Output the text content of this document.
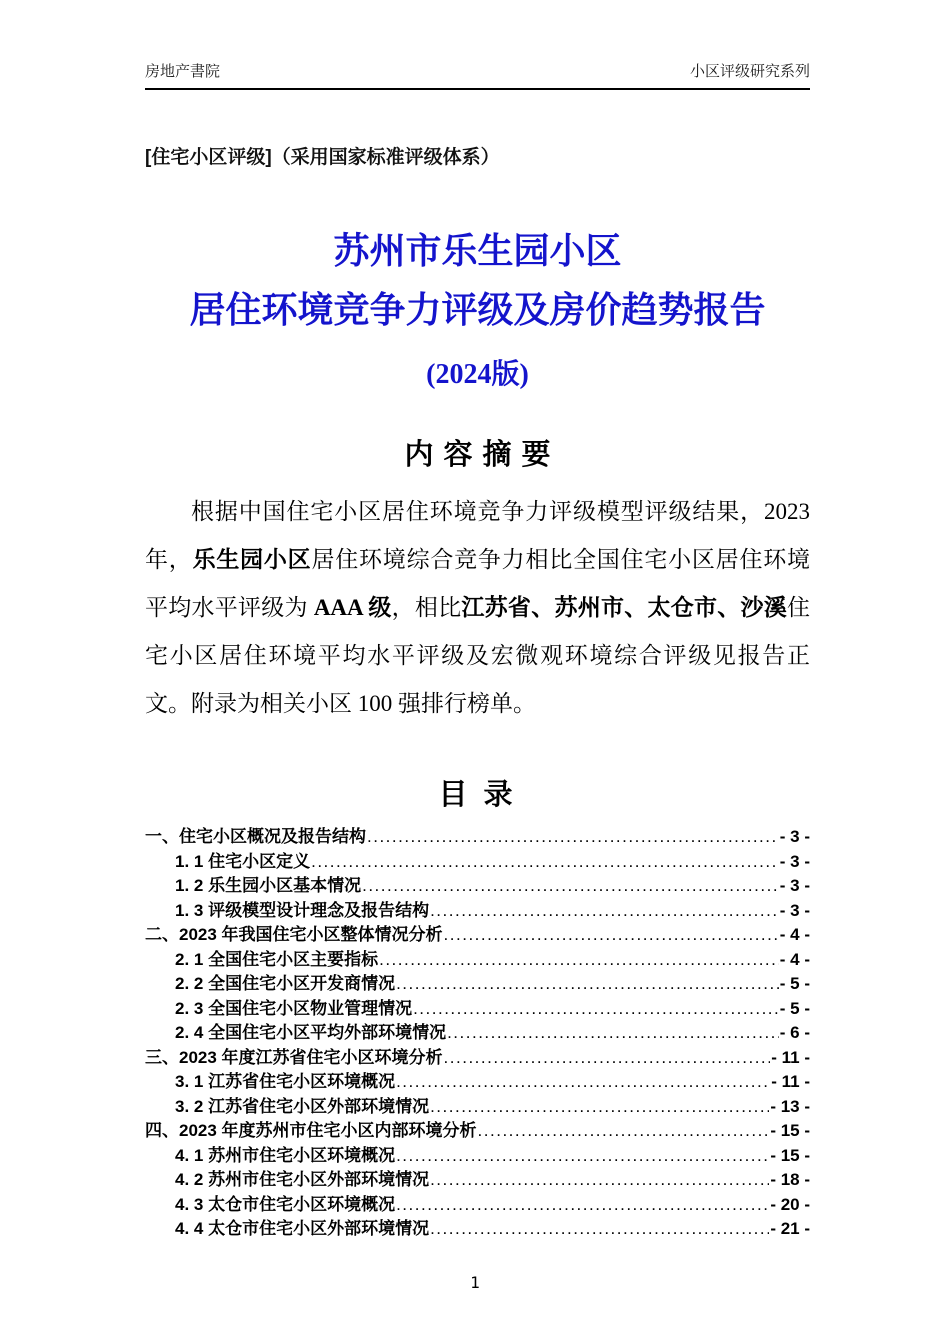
房地产書院	小区评级研究系列
[住宅小区评级]（采用国家标准评级体系）
苏州市乐生园小区
居住环境竞争力评级及房价趋势报告
(2024版)
内容摘要

根据中国住宅小区居住环境竞争力评级模型评级结果，2023 年，乐生园小区居住环境综合竞争力相比全国住宅小区居住环境平均水平评级为 AAA 级，相比江苏省、苏州市、太仓市、沙溪住宅小区居住环境平均水平评级及宏微观环境综合评级见报告正文。附录为相关小区 100 强排行榜单。

目 录
一、住宅小区概况及报告结构 .....	- 3 -
1. 1 住宅小区定义 .....	- 3 -
1. 2 乐生园小区基本情况 .....	- 3 -
1. 3 评级模型设计理念及报告结构 .....	- 3 -
二、2023 年我国住宅小区整体情况分析 .....	- 4 -
2. 1 全国住宅小区主要指标 .....	- 4 -
2. 2 全国住宅小区开发商情况 .....	- 5 -
2. 3 全国住宅小区物业管理情况 .....	- 5 -
2. 4 全国住宅小区平均外部环境情况 .....	- 6 -
三、2023 年度江苏省住宅小区环境分析 .....	- 11 -
3. 1 江苏省住宅小区环境概况 .....	- 11 -
3. 2 江苏省住宅小区外部环境情况 .....	- 13 -
四、2023 年度苏州市住宅小区内部环境分析 .....	- 15 -
4. 1 苏州市住宅小区环境概况 .....	- 15 -
4. 2 苏州市住宅小区外部环境情况 .....	- 18 -
4. 3 太仓市住宅小区环境概况 .....	- 20 -
4. 4 太仓市住宅小区外部环境情况 .....	- 21 -
1
